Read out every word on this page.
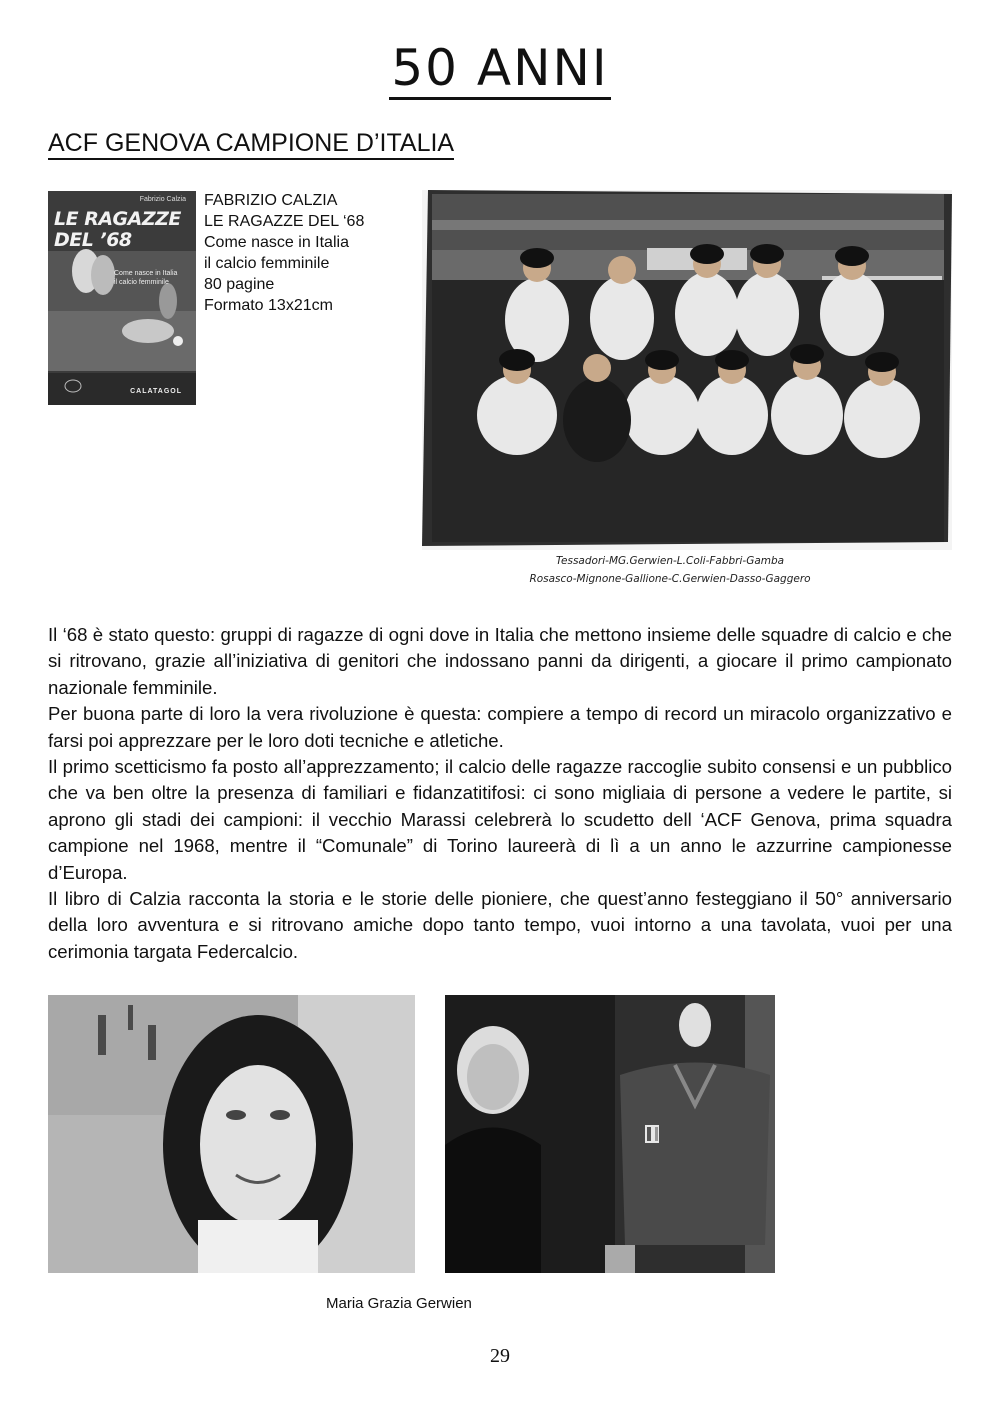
50 ANNI
ACF GENOVA CAMPIONE D’ITALIA
Fabrizio Calzia
LE RAGAZZE
DEL ’68
Come nasce in Italia
il calcio femminile
CALATAGOL
FABRIZIO CALZIA
LE RAGAZZE DEL ‘68
Come nasce in Italia
il calcio femminile
80 pagine
Formato 13x21cm
Tessadori-MG.Gerwien-L.Coli-Fabbri-Gamba
Rosasco-Mignone-Gallione-C.Gerwien-Dasso-Gaggero

Il ‘68 è stato questo: gruppi di ragazze di ogni dove in Italia che mettono insieme delle squadre di calcio e che si ritrovano, grazie all’iniziativa di genitori che indossano panni da dirigenti, a giocare il primo campionato nazionale femminile.

Per buona parte di loro la vera rivoluzione è questa: compiere a tempo di record un miracolo organizzativo e farsi poi apprezzare per le loro doti tecniche e atletiche.

Il primo scetticismo fa posto all’apprezzamento; il calcio delle ragazze raccoglie subito consensi e un pubblico che va ben oltre la presenza di familiari e fidanzatitifosi: ci sono migliaia di persone a vedere le partite, si aprono gli stadi dei campioni: il vecchio Marassi celebrerà lo scudetto dell ‘ACF Genova, prima squadra campione nel 1968, mentre il “Comunale” di Torino laureerà di lì a un anno le azzurrine campionesse d’Europa.

Il libro di Calzia racconta la storia e le storie delle pioniere, che quest’anno festeggiano il 50° anniversario della loro avventura e si ritrovano amiche dopo tanto tempo, vuoi intorno a una tavolata, vuoi per una cerimonia targata Federcalcio.

Maria Grazia Gerwien
29
